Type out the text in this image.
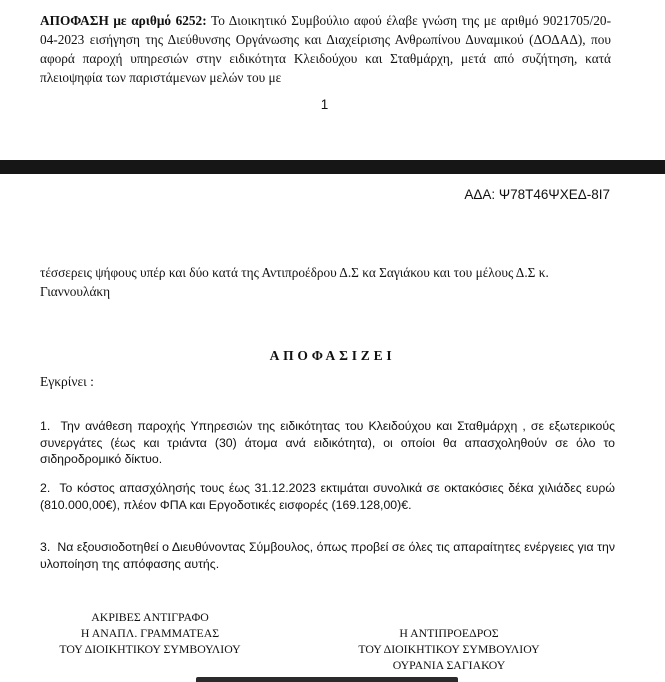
ΑΠΟΦΑΣΗ με αριθμό 6252: Το Διοικητικό Συμβούλιο αφού έλαβε γνώση της με αριθμό 9021705/20-04-2023 εισήγηση της Διεύθυνσης Οργάνωσης και Διαχείρισης Ανθρωπίνου Δυναμικού (ΔΟΔΑΔ), που αφορά παροχή υπηρεσιών στην ειδικότητα Κλειδούχου και Σταθμάρχη, μετά από συζήτηση, κατά πλειοψηφία των παριστάμενων μελών του με

1

ΑΔΑ: Ψ78Τ46ΨΧΕΔ-8Ι7

τέσσερεις ψήφους υπέρ και δύο κατά της Αντιπροέδρου Δ.Σ κα Σαγιάκου και του μέλους Δ.Σ κ. Γιαννουλάκη

ΑΠΟΦΑΣΙΖΕΙ
Εγκρίνει :
1. Την ανάθεση παροχής Υπηρεσιών της ειδικότητας του Κλειδούχου και Σταθμάρχη , σε εξωτερικούς συνεργάτες (έως και τριάντα (30) άτομα ανά ειδικότητα), οι οποίοι θα απασχοληθούν σε όλο το σιδηροδρομικό δίκτυο.
2. Το κόστος απασχόλησής τους έως 31.12.2023 εκτιμάται συνολικά σε οκτακόσιες δέκα χιλιάδες ευρώ (810.000,00€), πλέον ΦΠΑ και Εργοδοτικές εισφορές (169.128,00)€.
3. Να εξουσιοδοτηθεί ο Διευθύνοντας Σύμβουλος, όπως προβεί σε όλες τις απαραίτητες ενέργειες για την υλοποίηση της απόφασης αυτής.
ΑΚΡΙΒΕΣ ΑΝΤΙΓΡΑΦΟ
Η ΑΝΑΠΛ. ΓΡΑΜΜΑΤΕΑΣ
ΤΟΥ ΔΙΟΙΚΗΤΙΚΟΥ ΣΥΜΒΟΥΛΙΟΥ
Η ΑΝΤΙΠΡΟΕΔΡΟΣ
ΤΟΥ ΔΙΟΙΚΗΤΙΚΟΥ ΣΥΜΒΟΥΛΙΟΥ
ΟΥΡΑΝΙΑ ΣΑΓΙΑΚΟΥ
